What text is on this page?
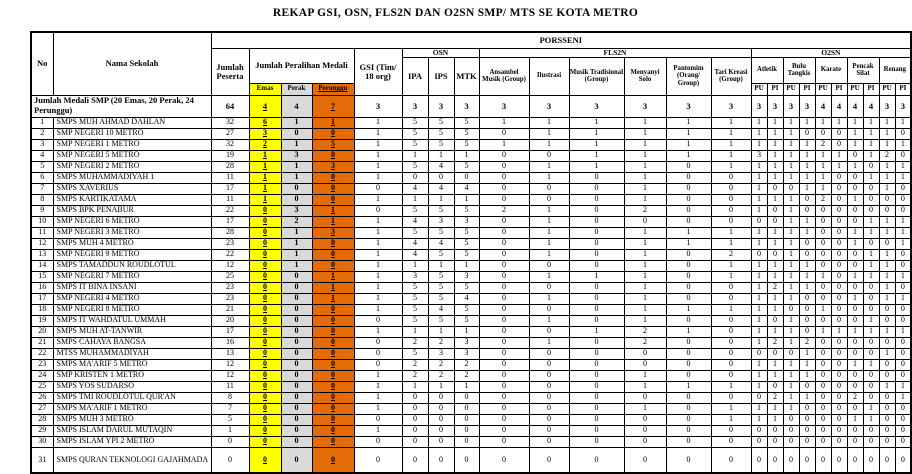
REKAP GSI, OSN, FLS2N DAN O2SN SMP/ MTS SE KOTA METRO
No	Nama Sekolah	PORSSENI																							
		Jumlah Peserta	Jumlah Peralihan Medali			GSI (Tim/ 18 org)	OSN			FLS2N						O2SN									
							IPA	IPS	MTK	Ansambel Musik (Group)	Ilustrasi	Musik Tradisional (Group)	Menyanyi Solo	Pantomim (Orang/ Group)	Tari Kreasi (Group)	Atletik		Bulu Tangkis		Karate		Pencak Silat		Renang	
			Emas	Perak	Perunggu											PU	PI	PU	PI	PU	PI	PU	PI	PU	PI
Jumlah Medali SMP (20 Emas, 20 Perak, 24 Perunggu)		64	4	4	7	3	3	3	3	3	3	3	3	3	3	3	3	3	3	4	4	4	4	3	3
1	SMPS MUH AHMAD DAHLAN	32	6	1	1	1	5	5	5	1	1	1	1	1	1	1	1	1	1	1	1	1	1	1	1
2	SMP NEGERI 10 METRO	27	3	0	0	1	5	5	5	0	1	1	1	1	1	1	1	1	0	0	0	1	1	1	0
3	SMP NEGERI 1 METRO	32	2	1	5	1	5	5	5	1	1	1	1	1	1	1	1	1	1	2	0	1	1	1	1
4	SMP NEGERI 5 METRO	19	1	3	0	1	1	1	1	0	0	1	1	1	1	3	1	1	1	1	1	0	1	2	0
5	SMP NEGERI 2 METRO	28	1	1	3	1	5	4	5	0	1	1	1	0	1	1	1	1	1	1	1	1	0	1	1
6	SMPS MUHAMMADIYAH 1	11	1	1	0	1	0	0	0	0	1	0	1	0	0	1	1	1	1	1	0	0	1	1	1
7	SMPS XAVERIUS	17	1	0	0	0	4	4	4	0	0	0	1	0	0	1	0	0	1	1	0	0	0	1	0
8	SMPS KARTIKATAMA	11	1	0	0	1	1	1	1	0	0	0	1	0	0	1	1	1	0	2	0	1	0	0	0
9	SMPS BPK PENABUR	22	0	3	1	0	5	5	5	2	1	0	2	0	0	1	0	1	0	0	0	0	0	0	0
10	SMP NEGERI 6 METRO	17	0	2	1	1	4	3	3	0	1	0	0	0	0	0	0	1	1	0	0	0	1	1	1
11	SMP NEGERI 3 METRO	28	0	1	3	1	5	5	5	0	1	0	1	1	1	1	1	1	1	0	0	1	1	1	1
12	SMPS MUH 4 METRO	23	0	1	0	1	4	4	5	0	1	0	1	1	1	1	1	1	0	0	0	1	0	0	1
13	SMP NEGERI 9 METRO	22	0	1	0	1	4	5	5	0	1	0	1	0	2	0	0	1	0	0	0	0	1	1	0
14	SMPS TAMADDUN ROUDLOTUL	12	0	1	0	1	1	1	1	0	0	0	1	0	1	1	1	1	1	0	0	0	1	1	0
15	SMP NEGERI 7 METRO	25	0	0	1	1	3	5	3	0	1	1	1	0	1	1	1	1	1	1	0	1	1	1	1
16	SMPS IT BINA INSANI	23	0	0	1	1	5	5	5	0	0	0	1	0	0	1	2	1	1	0	0	0	0	1	0
17	SMP NEGERI 4 METRO	23	0	0	1	1	5	5	4	0	1	0	1	0	0	1	1	1	0	0	0	1	0	1	1
18	SMP NEGERI 8 METRO	21	0	0	0	1	5	4	5	0	0	0	1	1	1	1	1	0	0	1	0	0	0	0	0
19	SMPS IT WAHDATUL UMMAH	20	0	0	0	0	5	5	5	0	1	0	1	0	0	1	0	1	0	0	0	0	1	0	0
20	SMPS MUH AT-TANWIR	17	0	0	0	1	1	1	1	0	0	1	2	1	0	1	1	1	0	1	1	1	1	1	1
21	SMPS CAHAYA BANGSA	16	0	0	0	0	2	2	3	0	1	0	2	0	0	1	2	1	2	0	0	0	0	0	0
22	MTSS MUHAMMADIYAH	13	0	0	0	0	5	3	3	0	0	0	0	0	0	0	0	0	1	0	0	0	0	1	0
23	SMPS MA'ARIF 5 METRO	12	0	0	0	0	2	2	2	0	0	0	0	0	0	1	1	1	1	0	0	1	1	0	0
24	SMP KRISTEN 1 METRO	12	0	0	0	1	2	2	2	0	0	0	1	0	0	1	1	1	1	0	0	0	0	0	0
25	SMPS YOS SUDARSO	11	0	0	0	1	1	1	1	0	0	0	1	1	1	1	0	1	0	0	0	0	0	1	1
26	SMPS TMI ROUDLOTUL QUR'AN	8	0	0	0	1	0	0	0	0	0	0	0	0	0	0	2	1	1	0	0	2	0	0	1
27	SMPS MA'ARIF 1 METRO	7	0	0	0	1	0	0	0	0	0	0	1	0	1	1	1	1	0	0	0	0	1	0	0
28	SMPS MUH 3 METRO	5	0	0	0	0	0	0	0	0	0	0	0	0	1	1	1	0	0	0	0	1	1	0	0
29	SMPS ISLAM DARUL MUTAQIN	1	0	0	0	1	0	0	0	0	0	0	0	0	0	0	0	0	0	0	0	0	0	0	0
30	SMPS ISLAM YPI 2 METRO	0	0	0	0	0	0	0	0	0	0	0	0	0	0	0	0	0	0	0	0	0	0	0	0
31	SMPS QURAN TEKNOLOGI GAJAHMADA	0	0	0	0	0	0	0	0	0	0	0	0	0	0	0	0	0	0	0	0	0	0	0	0
